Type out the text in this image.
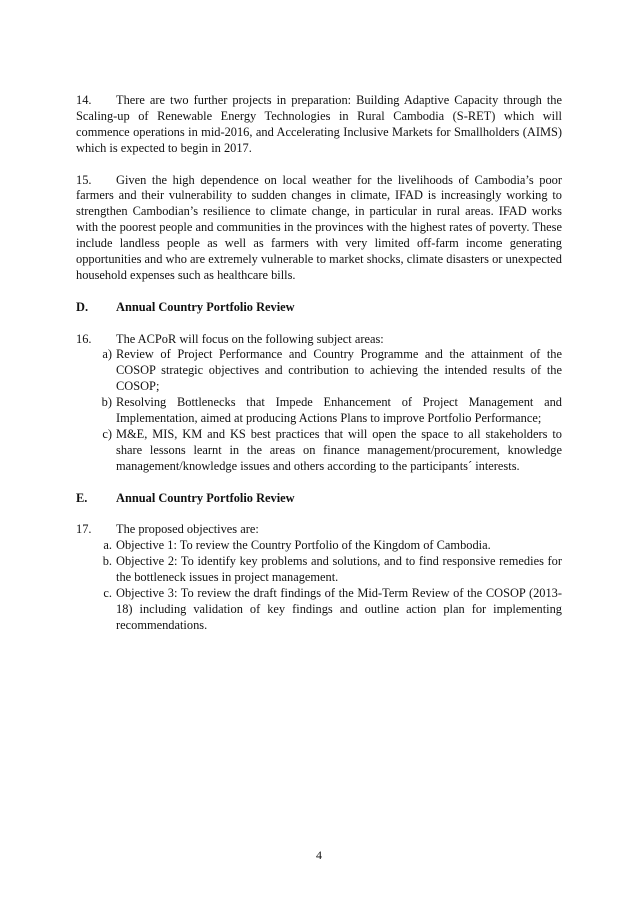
14. There are two further projects in preparation: Building Adaptive Capacity through the Scaling-up of Renewable Energy Technologies in Rural Cambodia (S-RET) which will commence operations in mid-2016, and Accelerating Inclusive Markets for Smallholders (AIMS) which is expected to begin in 2017.

15. Given the high dependence on local weather for the livelihoods of Cambodia’s poor farmers and their vulnerability to sudden changes in climate, IFAD is increasingly working to strengthen Cambodian’s resilience to climate change, in particular in rural areas. IFAD works with the poorest people and communities in the provinces with the highest rates of poverty. These include landless people as well as farmers with very limited off-farm income generating opportunities and who are extremely vulnerable to market shocks, climate disasters or unexpected household expenses such as healthcare bills.

D. Annual Country Portfolio Review

16. The ACPoR will focus on the following subject areas:

a) Review of Project Performance and Country Programme and the attainment of the COSOP strategic objectives and contribution to achieving the intended results of the COSOP;
b) Resolving Bottlenecks that Impede Enhancement of Project Management and Implementation, aimed at producing Actions Plans to improve Portfolio Performance;
c) M&E, MIS, KM and KS best practices that will open the space to all stakeholders to share lessons learnt in the areas on finance management/procurement, knowledge management/knowledge issues and others according to the participants´ interests.
E. Annual Country Portfolio Review

17. The proposed objectives are:

a. Objective 1: To review the Country Portfolio of the Kingdom of Cambodia.
b. Objective 2: To identify key problems and solutions, and to find responsive remedies for the bottleneck issues in project management.
c. Objective 3: To review the draft findings of the Mid-Term Review of the COSOP (2013-18) including validation of key findings and outline action plan for implementing recommendations.
4
